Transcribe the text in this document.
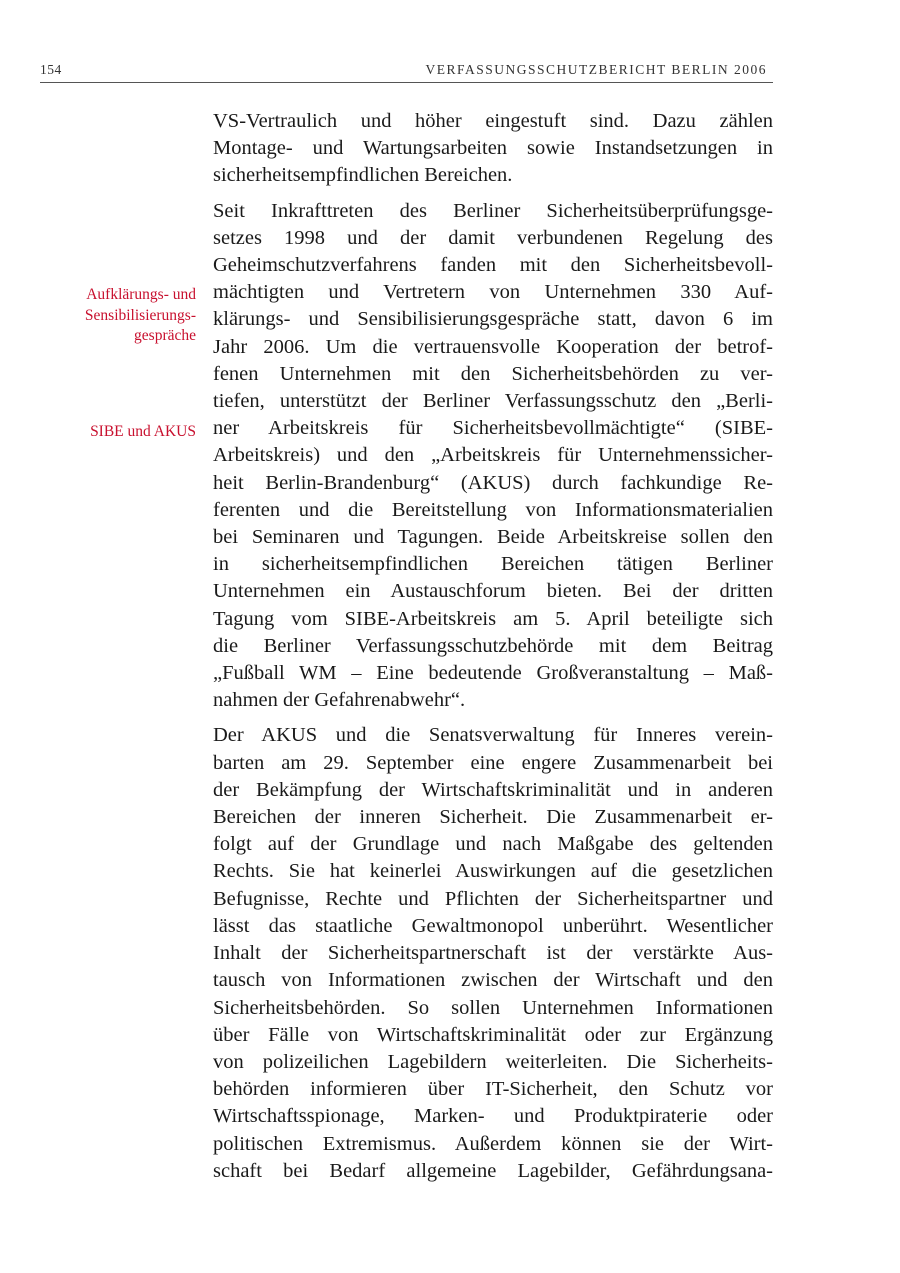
154	VERFASSUNGSSCHUTZBERICHT BERLIN 2006
Aufklärungs- und
Sensibilisierungs-
gespräche
SIBE und AKUS

VS-Vertraulich und höher eingestuft sind. Dazu zählen
Montage- und Wartungsarbeiten sowie Instandsetzungen in
sicherheitsempfindlichen Bereichen.

Seit Inkrafttreten des Berliner Sicherheitsüberprüfungsge-
setzes 1998 und der damit verbundenen Regelung des
Geheimschutzverfahrens fanden mit den Sicherheitsbevoll-
mächtigten und Vertretern von Unternehmen 330 Auf-
klärungs- und Sensibilisierungsgespräche statt, davon 6 im
Jahr 2006. Um die vertrauensvolle Kooperation der betrof-
fenen Unternehmen mit den Sicherheitsbehörden zu ver-
tiefen, unterstützt der Berliner Verfassungsschutz den „Berli-
ner Arbeitskreis für Sicherheitsbevollmächtigte“ (SIBE-
Arbeitskreis) und den „Arbeitskreis für Unternehmenssicher-
heit Berlin-Brandenburg“ (AKUS) durch fachkundige Re-
ferenten und die Bereitstellung von Informationsmaterialien
bei Seminaren und Tagungen. Beide Arbeitskreise sollen den
in sicherheitsempfindlichen Bereichen tätigen Berliner
Unternehmen ein Austauschforum bieten. Bei der dritten
Tagung vom SIBE-Arbeitskreis am 5. April beteiligte sich
die Berliner Verfassungsschutzbehörde mit dem Beitrag
„Fußball WM – Eine bedeutende Großveranstaltung – Maß-
nahmen der Gefahrenabwehr“.

Der AKUS und die Senatsverwaltung für Inneres verein-
barten am 29. September eine engere Zusammenarbeit bei
der Bekämpfung der Wirtschaftskriminalität und in anderen
Bereichen der inneren Sicherheit. Die Zusammenarbeit er-
folgt auf der Grundlage und nach Maßgabe des geltenden
Rechts. Sie hat keinerlei Auswirkungen auf die gesetzlichen
Befugnisse, Rechte und Pflichten der Sicherheitspartner und
lässt das staatliche Gewaltmonopol unberührt. Wesentlicher
Inhalt der Sicherheitspartnerschaft ist der verstärkte Aus-
tausch von Informationen zwischen der Wirtschaft und den
Sicherheitsbehörden. So sollen Unternehmen Informationen
über Fälle von Wirtschaftskriminalität oder zur Ergänzung
von polizeilichen Lagebildern weiterleiten. Die Sicherheits-
behörden informieren über IT-Sicherheit, den Schutz vor
Wirtschaftsspionage, Marken- und Produktpiraterie oder
politischen Extremismus. Außerdem können sie der Wirt-
schaft bei Bedarf allgemeine Lagebilder, Gefährdungsana-
